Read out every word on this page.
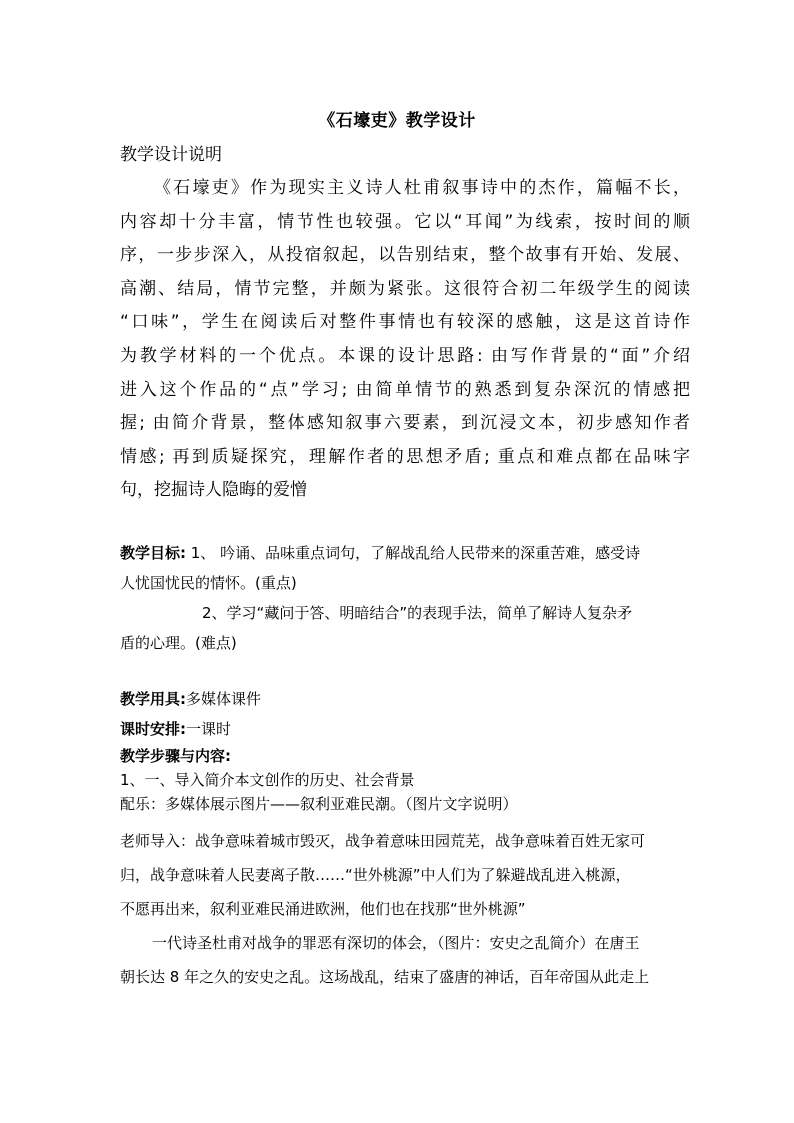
《石壕吏》教学设计
教学设计说明
《石壕吏》作为现实主义诗人杜甫叙事诗中的杰作，篇幅不长，
内容却十分丰富，情节性也较强。它以“耳闻”为线索，按时间的顺
序，一步步深入，从投宿叙起，以告别结束，整个故事有开始、发展、
高潮、结局，情节完整，并颇为紧张。这很符合初二年级学生的阅读
“口味”，学生在阅读后对整件事情也有较深的感触，这是这首诗作
为教学材料的一个优点。本课的设计思路: 由写作背景的“面”介绍
进入这个作品的“点”学习; 由简单情节的熟悉到复杂深沉的情感把
握; 由简介背景，整体感知叙事六要素，到沉浸文本，初步感知作者
情感; 再到质疑探究，理解作者的思想矛盾; 重点和难点都在品味字
句，挖掘诗人隐晦的爱憎
教学目标: 1、 吟诵、品味重点词句，了解战乱给人民带来的深重苦难，感受诗
人忧国忧民的情怀。(重点)
2、学习“藏问于答、明暗结合”的表现手法，简单了解诗人复杂矛
盾的心理。(难点)
教学用具:多媒体课件
课时安排:一课时
教学步骤与内容:
1、一、导入简介本文创作的历史、社会背景
配乐：多媒体展示图片——叙利亚难民潮。（图片文字说明）
老师导入：战争意味着城市毁灭，战争着意味田园荒芜，战争意味着百姓无家可
归，战争意味着人民妻离子散……“世外桃源”中人们为了躲避战乱进入桃源，
不愿再出来，叙利亚难民涌进欧洲，他们也在找那“世外桃源”
一代诗圣杜甫对战争的罪恶有深切的体会，（图片：安史之乱简介）在唐王
朝长达 8 年之久的安史之乱。这场战乱，结束了盛唐的神话，百年帝国从此走上
